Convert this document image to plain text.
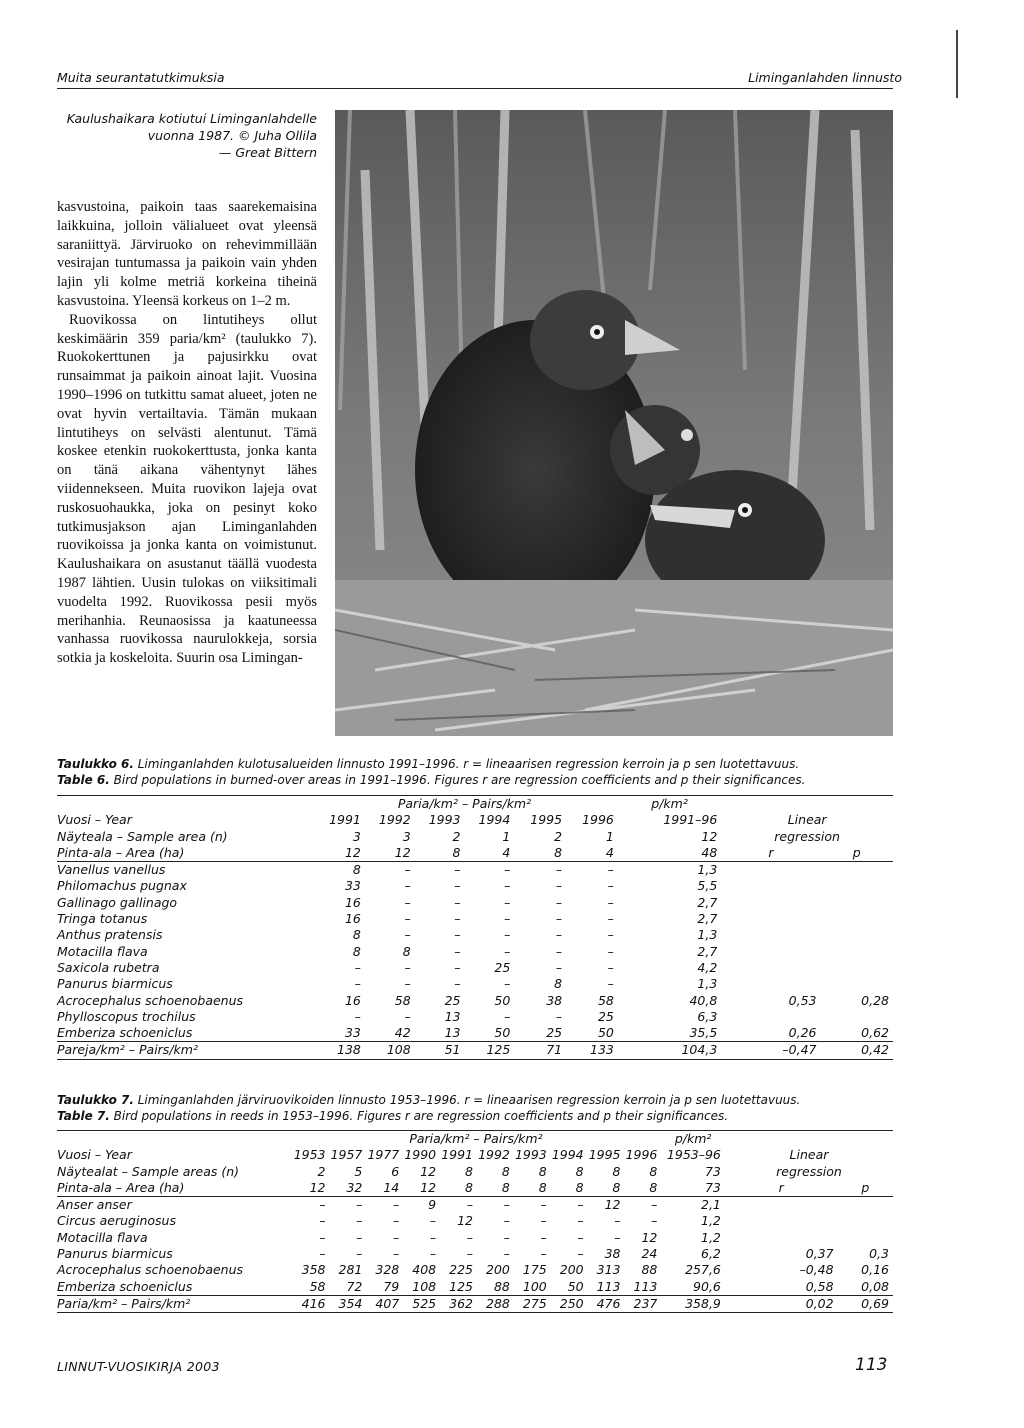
Muita seurantatutkimuksia	Liminganlahden linnusto
Kaulushaikara kotiutui Liminganlahdelle
vuonna 1987. © Juha Ollila
— Great Bittern

kasvustoina, paikoin taas saarekemaisina laikkuina, jolloin välialueet ovat yleensä saraniittyä. Järviruoko on rehevimmillään vesirajan tuntumassa ja paikoin vain yhden lajin yli kolme metriä korkeina tiheinä kasvustoina. Yleensä korkeus on 1–2 m.

Ruovikossa on lintutiheys ollut keskimäärin 359 paria/km² (taulukko 7). Ruokokerttunen ja pajusirkku ovat runsaimmat ja paikoin ainoat lajit. Vuosina 1990–1996 on tutkittu samat alueet, joten ne ovat hyvin vertailtavia. Tämän mukaan lintutiheys on selvästi alentunut. Tämä koskee etenkin ruokokerttusta, jonka kanta on tänä aikana vähentynyt lähes viidennekseen. Muita ruovikon lajeja ovat ruskosuohaukka, joka on pesinyt koko tutkimusjakson ajan Liminganlahden ruovikoissa ja jonka kanta on voimistunut. Kaulushaikara on asustanut täällä vuodesta 1987 lähtien. Uusin tulokas on viiksitimali vuodelta 1992. Ruovikossa pesii myös merihanhia. Reunaosissa ja kaatuneessa vanhassa ruovikossa naurulokkeja, sorsia sotkia ja koskeloita. Suurin osa Limingan-

Taulukko 6. Liminganlahden kulotusalueiden linnusto 1991–1996. r = lineaarisen regression kerroin ja p sen luotettavuus.
Table 6. Bird populations in burned-over areas in 1991–1996. Figures r are regression coefficients and p their significances.
	Paria/km² – Pairs/km²						p/km²		
Vuosi – Year	1991	1992	1993	1994	1995	1996	1991–96	Linear	
Näyteala – Sample area (n)	3	3	2	1	2	1	12	regression	
Pinta-ala – Area (ha)	12	12	8	4	8	4	48	r	p
Vanellus vanellus	8	–	–	–	–	–	1,3		
Philomachus pugnax	33	–	–	–	–	–	5,5		
Gallinago gallinago	16	–	–	–	–	–	2,7		
Tringa totanus	16	–	–	–	–	–	2,7		
Anthus pratensis	8	–	–	–	–	–	1,3		
Motacilla flava	8	8	–	–	–	–	2,7		
Saxicola rubetra	–	–	–	25	–	–	4,2		
Panurus biarmicus	–	–	–	–	8	–	1,3		
Acrocephalus schoenobaenus	16	58	25	50	38	58	40,8	0,53	0,28
Phylloscopus trochilus	–	–	13	–	–	25	6,3		
Emberiza schoeniclus	33	42	13	50	25	50	35,5	0,26	0,62
Pareja/km² – Pairs/km²	138	108	51	125	71	133	104,3	–0,47	0,42
Taulukko 7. Liminganlahden järviruovikoiden linnusto 1953–1996. r = lineaarisen regression kerroin ja p sen luotettavuus.
Table 7. Bird populations in reeds in 1953–1996. Figures r are regression coefficients and p their significances.
	Paria/km² – Pairs/km²										p/km²		
Vuosi – Year	1953	1957	1977	1990	1991	1992	1993	1994	1995	1996	1953–96	Linear	
Näytealat – Sample areas (n)	2	5	6	12	8	8	8	8	8	8	73	regression	
Pinta-ala – Area (ha)	12	32	14	12	8	8	8	8	8	8	73	r	p
Anser anser	–	–	–	9	–	–	–	–	12	–	2,1		
Circus aeruginosus	–	–	–	–	12	–	–	–	–	–	1,2		
Motacilla flava	–	–	–	–	–	–	–	–	–	12	1,2		
Panurus biarmicus	–	–	–	–	–	–	–	–	38	24	6,2	0,37	0,3
Acrocephalus schoenobaenus	358	281	328	408	225	200	175	200	313	88	257,6	–0,48	0,16
Emberiza schoeniclus	58	72	79	108	125	88	100	50	113	113	90,6	0,58	0,08
Paria/km² – Pairs/km²	416	354	407	525	362	288	275	250	476	237	358,9	0,02	0,69
LINNUT-VUOSIKIRJA 2003	113
